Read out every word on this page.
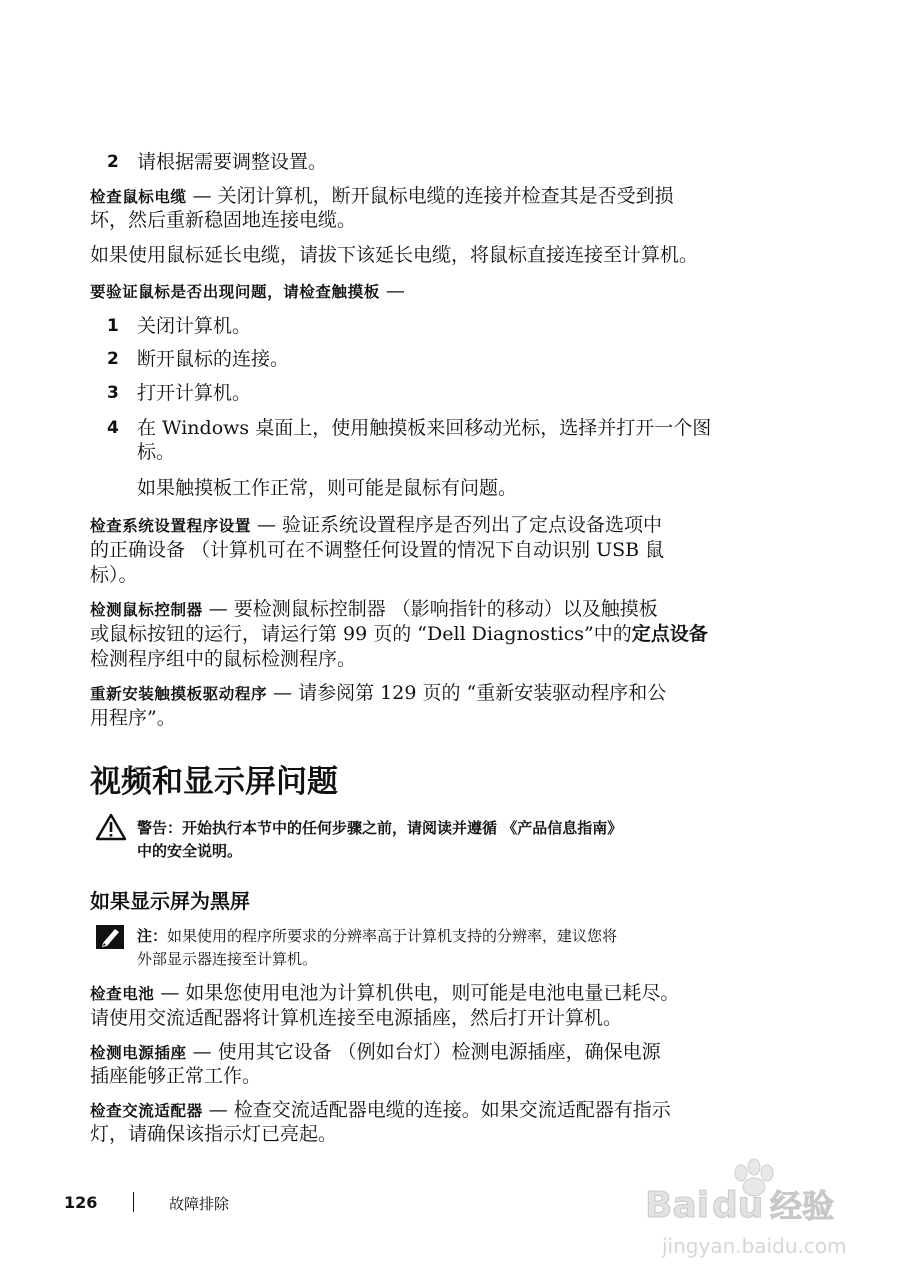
2 请根据需要调整设置。
检查鼠标电缆 — 关闭计算机，断开鼠标电缆的连接并检查其是否受到损
坏，然后重新稳固地连接电缆。
如果使用鼠标延长电缆，请拔下该延长电缆，将鼠标直接连接至计算机。
要验证鼠标是否出现问题，请检查触摸板 —
1 关闭计算机。
2 断开鼠标的连接。
3 打开计算机。
4 在 Windows 桌面上，使用触摸板来回移动光标，选择并打开一个图
标。
如果触摸板工作正常，则可能是鼠标有问题。
检查系统设置程序设置 — 验证系统设置程序是否列出了定点设备选项中
的正确设备 （计算机可在不调整任何设置的情况下自动识别 USB 鼠
标）。
检测鼠标控制器 — 要检测鼠标控制器 （影响指针的移动）以及触摸板
或鼠标按钮的运行，请运行第 99 页的 “Dell Diagnostics”中的定点设备
检测程序组中的鼠标检测程序。
重新安装触摸板驱动程序 — 请参阅第 129 页的 “重新安装驱动程序和公
用程序”。
视频和显示屏问题
警告：开始执行本节中的任何步骤之前，请阅读并遵循 《产品信息指南》
中的安全说明。
如果显示屏为黑屏
注：如果使用的程序所要求的分辨率高于计算机支持的分辨率，建议您将
外部显示器连接至计算机。
检查电池 — 如果您使用电池为计算机供电，则可能是电池电量已耗尽。
请使用交流适配器将计算机连接至电源插座，然后打开计算机。
检测电源插座 — 使用其它设备 （例如台灯）检测电源插座，确保电源
插座能够正常工作。
检查交流适配器 — 检查交流适配器电缆的连接。如果交流适配器有指示
灯，请确保该指示灯已亮起。
126	故障排除	Bai du 经验
jingyan.baidu.com
